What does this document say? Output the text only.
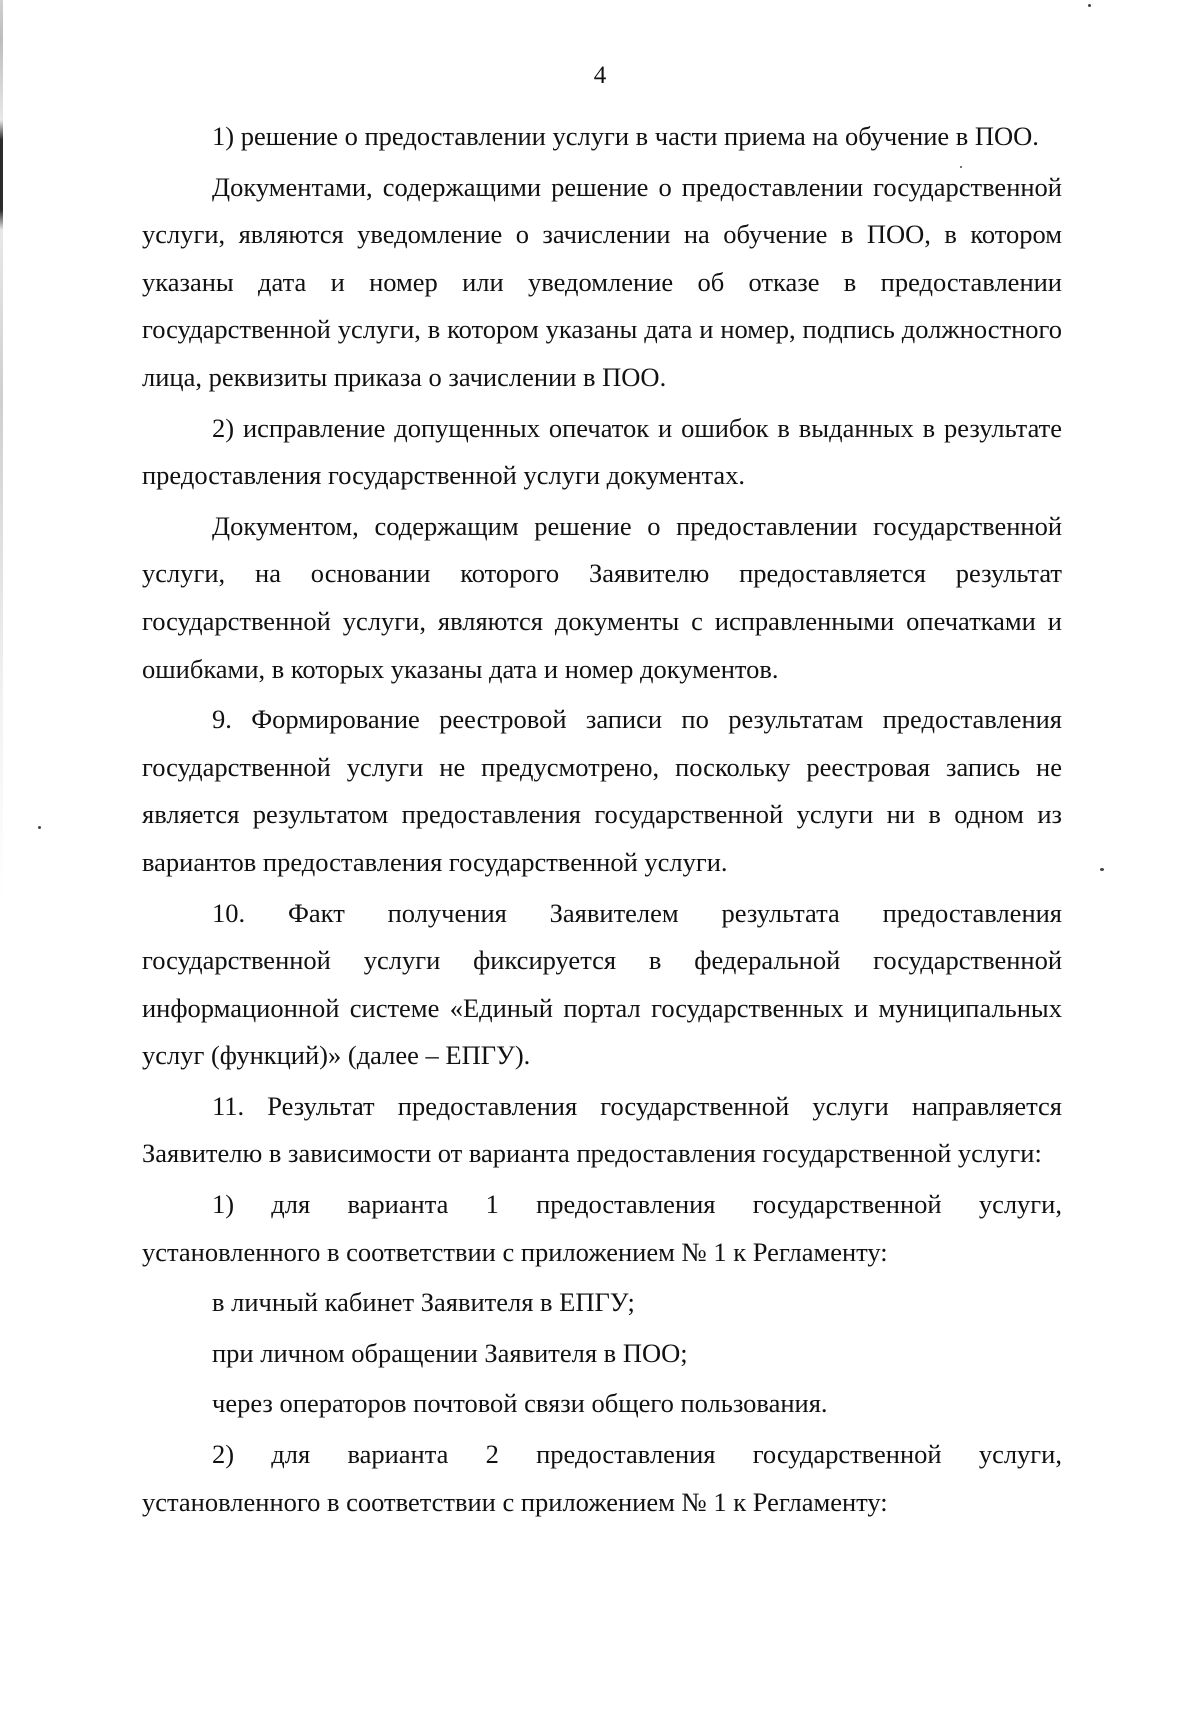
4

1) решение о предоставлении услуги в части приема на обучение в ПОО.

Документами, содержащими решение о предоставлении государственной услуги, являются уведомление о зачислении на обучение в ПОО, в котором указаны дата и номер или уведомление об отказе в предоставлении государственной услуги, в котором указаны дата и номер, подпись должностного лица, реквизиты приказа о зачислении в ПОО.

2) исправление допущенных опечаток и ошибок в выданных в результате предоставления государственной услуги документах.

Документом, содержащим решение о предоставлении государственной услуги, на основании которого Заявителю предоставляется результат государственной услуги, являются документы с исправленными опечатками и ошибками, в которых указаны дата и номер документов.

9. Формирование реестровой записи по результатам предоставления государственной услуги не предусмотрено, поскольку реестровая запись не является результатом предоставления государственной услуги ни в одном из вариантов предоставления государственной услуги.

10. Факт получения Заявителем результата предоставления государственной услуги фиксируется в федеральной государственной информационной системе «Единый портал государственных и муниципальных услуг (функций)» (далее – ЕПГУ).

11. Результат предоставления государственной услуги направляется Заявителю в зависимости от варианта предоставления государственной услуги:

1) для варианта 1 предоставления государственной услуги, установленного в соответствии с приложением № 1 к Регламенту:

в личный кабинет Заявителя в ЕПГУ;

при личном обращении Заявителя в ПОО;

через операторов почтовой связи общего пользования.

2) для варианта 2 предоставления государственной услуги, установленного в соответствии с приложением № 1 к Регламенту:
